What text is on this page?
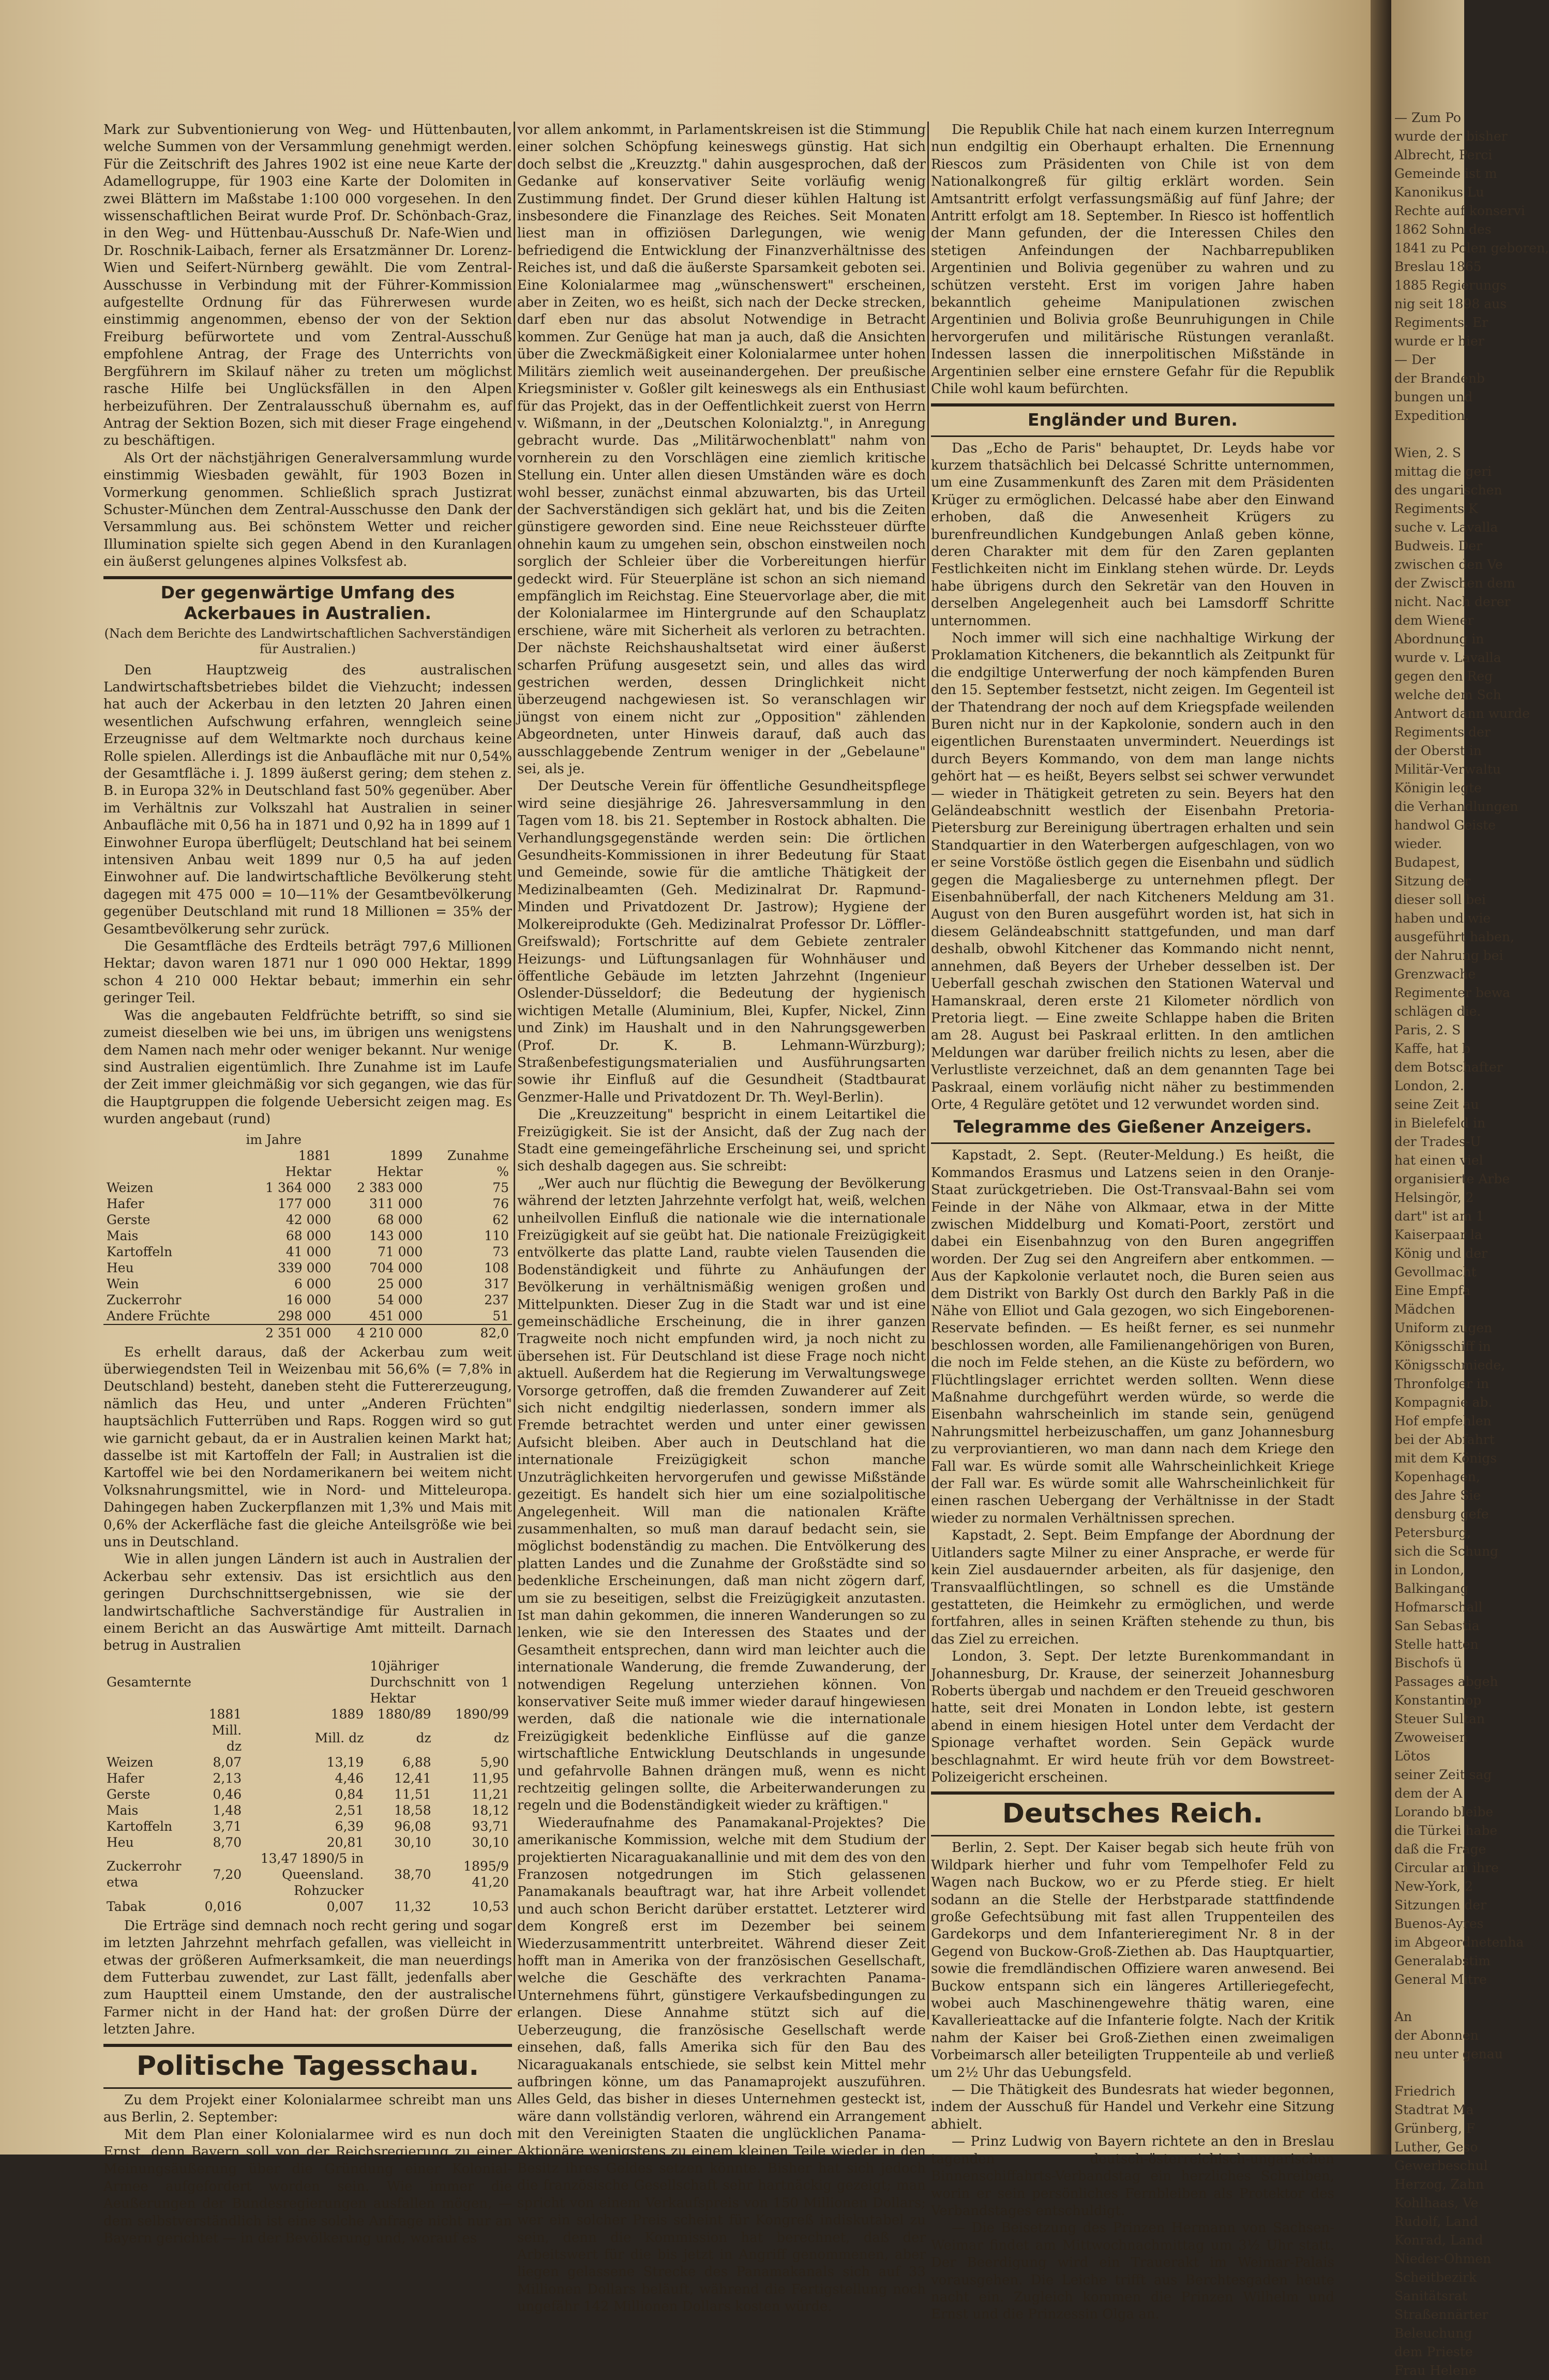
Mark zur Subventionierung von Weg- und Hüttenbauten, welche Summen von der Versammlung genehmigt werden. Für die Zeitschrift des Jahres 1902 ist eine neue Karte der Adamellogruppe, für 1903 eine Karte der Dolomiten in zwei Blättern im Maßstabe 1:100 000 vorgesehen. In den wissenschaftlichen Beirat wurde Prof. Dr. Schönbach-Graz, in den Weg- und Hüttenbau-Ausschuß Dr. Nafe-Wien und Dr. Roschnik-Laibach, ferner als Ersatzmänner Dr. Lorenz-Wien und Seifert-Nürnberg gewählt. Die vom Zentral-Ausschusse in Verbindung mit der Führer-Kommission aufgestellte Ordnung für das Führerwesen wurde einstimmig angenommen, ebenso der von der Sektion Freiburg befürwortete und vom Zentral-Ausschuß empfohlene Antrag, der Frage des Unterrichts von Bergführern im Skilauf näher zu treten um möglichst rasche Hilfe bei Unglücksfällen in den Alpen herbeizuführen. Der Zentralausschuß übernahm es, auf Antrag der Sektion Bozen, sich mit dieser Frage eingehend zu beschäftigen.

Als Ort der nächstjährigen Generalversammlung wurde einstimmig Wiesbaden gewählt, für 1903 Bozen in Vormerkung genommen. Schließlich sprach Justizrat Schuster-München dem Zentral-Ausschusse den Dank der Versammlung aus. Bei schönstem Wetter und reicher Illumination spielte sich gegen Abend in den Kuranlagen ein äußerst gelungenes alpines Volksfest ab.

Der gegenwärtige Umfang des Ackerbaues in Australien.
(Nach dem Berichte des Landwirtschaftlichen Sachverständigen für Australien.)

Den Hauptzweig des australischen Landwirtschaftsbetriebes bildet die Viehzucht; indessen hat auch der Ackerbau in den letzten 20 Jahren einen wesentlichen Aufschwung erfahren, wenngleich seine Erzeugnisse auf dem Weltmarkte noch durchaus keine Rolle spielen. Allerdings ist die Anbaufläche mit nur 0,54% der Gesamtfläche i. J. 1899 äußerst gering; dem stehen z. B. in Europa 32% in Deutschland fast 50% gegenüber. Aber im Verhältnis zur Volkszahl hat Australien in seiner Anbaufläche mit 0,56 ha in 1871 und 0,92 ha in 1899 auf 1 Einwohner Europa überflügelt; Deutschland hat bei seinem intensiven Anbau weit 1899 nur 0,5 ha auf jeden Einwohner auf. Die landwirtschaftliche Bevölkerung steht dagegen mit 475 000 = 10—11% der Gesamtbevölkerung gegenüber Deutschland mit rund 18 Millionen = 35% der Gesamtbevölkerung sehr zurück.

Die Gesamtfläche des Erdteils beträgt 797,6 Millionen Hektar; davon waren 1871 nur 1 090 000 Hektar, 1899 schon 4 210 000 Hektar bebaut; immerhin ein sehr geringer Teil.

Was die angebauten Feldfrüchte betrifft, so sind sie zumeist dieselben wie bei uns, im übrigen uns wenigstens dem Namen nach mehr oder weniger bekannt. Nur wenige sind Australien eigentümlich. Ihre Zunahme ist im Laufe der Zeit immer gleichmäßig vor sich gegangen, wie das für die Hauptgruppen die folgende Uebersicht zeigen mag. Es wurden angebaut (rund)

	im Jahre		
	1881	1899	Zunahme
	Hektar	Hektar	%
Weizen	1 364 000	2 383 000	75
Hafer	177 000	311 000	76
Gerste	42 000	68 000	62
Mais	68 000	143 000	110
Kartoffeln	41 000	71 000	73
Heu	339 000	704 000	108
Wein	6 000	25 000	317
Zuckerrohr	16 000	54 000	237
Andere Früchte	298 000	451 000	51
	2 351 000	4 210 000	82,0

Es erhellt daraus, daß der Ackerbau zum weit überwiegendsten Teil in Weizenbau mit 56,6% (= 7,8% in Deutschland) besteht, daneben steht die Futtererzeugung, nämlich das Heu, und unter „Anderen Früchten" hauptsächlich Futterrüben und Raps. Roggen wird so gut wie garnicht gebaut, da er in Australien keinen Markt hat; dasselbe ist mit Kartoffeln der Fall; in Australien ist die Kartoffel wie bei den Nordamerikanern bei weitem nicht Volksnahrungsmittel, wie in Nord- und Mitteleuropa. Dahingegen haben Zuckerpflanzen mit 1,3% und Mais mit 0,6% der Ackerfläche fast die gleiche Anteilsgröße wie bei uns in Deutschland.

Wie in allen jungen Ländern ist auch in Australien der Ackerbau sehr extensiv. Das ist ersichtlich aus den geringen Durchschnittsergebnissen, wie sie der landwirtschaftliche Sachverständige für Australien in einem Bericht an das Auswärtige Amt mitteilt. Darnach betrug in Australien

Gesamternte			10jähriger Durchschnitt von 1 Hektar	
	1881	1889	1880/89	1890/99
	Mill. dz	Mill. dz	dz	dz
Weizen	8,07	13,19	6,88	5,90
Hafer	2,13	4,46	12,41	11,95
Gerste	0,46	0,84	11,51	11,21
Mais	1,48	2,51	18,58	18,12
Kartoffeln	3,71	6,39	96,08	93,71
Heu	8,70	20,81	30,10	30,10
Zuckerrohr etwa	7,20	13,47 1890/5 in Queensland. Rohzucker	38,70	1895/9 41,20
Tabak	0,016	0,007	11,32	10,53

Die Erträge sind demnach noch recht gering und sogar im letzten Jahrzehnt mehrfach gefallen, was vielleicht in etwas der größeren Aufmerksamkeit, die man neuerdings dem Futterbau zuwendet, zur Last fällt, jedenfalls aber zum Hauptteil einem Umstande, den der australische Farmer nicht in der Hand hat: der großen Dürre der letzten Jahre.

Politische Tagesschau.

Zu dem Projekt einer Kolonialarmee schreibt man uns aus Berlin, 2. September:

Mit dem Plan einer Kolonialarmee wird es nun doch Ernst, denn Bayern soll von der Reichsregierung zu einer Meinungsäußerung über die Gründung einer Kolonial-Armee aufgefordert worden sein. Wie immer die Aeußerungen der Bundesregierungen ausfallen mögen, — dem selbstverständlich ist eine solche Anfrage nicht nur an Bayern gerichtet — in der Bevölkerung und, worauf es

vor allem ankommt, in Parlamentskreisen ist die Stimmung einer solchen Schöpfung keineswegs günstig. Hat sich doch selbst die „Kreuzztg." dahin ausgesprochen, daß der Gedanke auf konservativer Seite vorläufig wenig Zustimmung findet. Der Grund dieser kühlen Haltung ist insbesondere die Finanzlage des Reiches. Seit Monaten liest man in offiziösen Darlegungen, wie wenig befriedigend die Entwicklung der Finanzverhältnisse des Reiches ist, und daß die äußerste Sparsamkeit geboten sei. Eine Kolonialarmee mag „wünschenswert" erscheinen, aber in Zeiten, wo es heißt, sich nach der Decke strecken, darf eben nur das absolut Notwendige in Betracht kommen. Zur Genüge hat man ja auch, daß die Ansichten über die Zweckmäßigkeit einer Kolonialarmee unter hohen Militärs ziemlich weit auseinandergehen. Der preußische Kriegsminister v. Goßler gilt keineswegs als ein Enthusiast für das Projekt, das in der Oeffentlichkeit zuerst von Herrn v. Wißmann, in der „Deutschen Kolonialztg.", in Anregung gebracht wurde. Das „Militärwochenblatt" nahm von vornherein zu den Vorschlägen eine ziemlich kritische Stellung ein. Unter allen diesen Umständen wäre es doch wohl besser, zunächst einmal abzuwarten, bis das Urteil der Sachverständigen sich geklärt hat, und bis die Zeiten günstigere geworden sind. Eine neue Reichssteuer dürfte ohnehin kaum zu umgehen sein, obschon einstweilen noch sorglich der Schleier über die Vorbereitungen hierfür gedeckt wird. Für Steuerpläne ist schon an sich niemand empfänglich im Reichstag. Eine Steuervorlage aber, die mit der Kolonialarmee im Hintergrunde auf den Schauplatz erschiene, wäre mit Sicherheit als verloren zu betrachten. Der nächste Reichshaushaltsetat wird einer äußerst scharfen Prüfung ausgesetzt sein, und alles das wird gestrichen werden, dessen Dringlichkeit nicht überzeugend nachgewiesen ist. So veranschlagen wir jüngst von einem nicht zur „Opposition" zählenden Abgeordneten, unter Hinweis darauf, daß auch das ausschlaggebende Zentrum weniger in der „Gebelaune" sei, als je.

Der Deutsche Verein für öffentliche Gesundheitspflege wird seine diesjährige 26. Jahresversammlung in den Tagen vom 18. bis 21. September in Rostock abhalten. Die Verhandlungsgegenstände werden sein: Die örtlichen Gesundheits-Kommissionen in ihrer Bedeutung für Staat und Gemeinde, sowie für die amtliche Thätigkeit der Medizinalbeamten (Geh. Medizinalrat Dr. Rapmund-Minden und Privatdozent Dr. Jastrow); Hygiene der Molkereiprodukte (Geh. Medizinalrat Professor Dr. Löffler-Greifswald); Fortschritte auf dem Gebiete zentraler Heizungs- und Lüftungsanlagen für Wohnhäuser und öffentliche Gebäude im letzten Jahrzehnt (Ingenieur Oslender-Düsseldorf; die Bedeutung der hygienisch wichtigen Metalle (Aluminium, Blei, Kupfer, Nickel, Zinn und Zink) im Haushalt und in den Nahrungsgewerben (Prof. Dr. K. B. Lehmann-Würzburg); Straßenbefestigungsmaterialien und Ausführungsarten sowie ihr Einfluß auf die Gesundheit (Stadtbaurat Genzmer-Halle und Privatdozent Dr. Th. Weyl-Berlin).

Die „Kreuzzeitung" bespricht in einem Leitartikel die Freizügigkeit. Sie ist der Ansicht, daß der Zug nach der Stadt eine gemeingefährliche Erscheinung sei, und spricht sich deshalb dagegen aus. Sie schreibt:

„Wer auch nur flüchtig die Bewegung der Bevölkerung während der letzten Jahrzehnte verfolgt hat, weiß, welchen unheilvollen Einfluß die nationale wie die internationale Freizügigkeit auf sie geübt hat. Die nationale Freizügigkeit entvölkerte das platte Land, raubte vielen Tausenden die Bodenständigkeit und führte zu Anhäufungen der Bevölkerung in verhältnismäßig wenigen großen und Mittelpunkten. Dieser Zug in die Stadt war und ist eine gemeinschädliche Erscheinung, die in ihrer ganzen Tragweite noch nicht empfunden wird, ja noch nicht zu übersehen ist. Für Deutschland ist diese Frage noch nicht aktuell. Außerdem hat die Regierung im Verwaltungswege Vorsorge getroffen, daß die fremden Zuwanderer auf Zeit sich nicht endgiltig niederlassen, sondern immer als Fremde betrachtet werden und unter einer gewissen Aufsicht bleiben. Aber auch in Deutschland hat die internationale Freizügigkeit schon manche Unzuträglichkeiten hervorgerufen und gewisse Mißstände gezeitigt. Es handelt sich hier um eine sozialpolitische Angelegenheit. Will man die nationalen Kräfte zusammenhalten, so muß man darauf bedacht sein, sie möglichst bodenständig zu machen. Die Entvölkerung des platten Landes und die Zunahme der Großstädte sind so bedenkliche Erscheinungen, daß man nicht zögern darf, um sie zu beseitigen, selbst die Freizügigkeit anzutasten. Ist man dahin gekommen, die inneren Wanderungen so zu lenken, wie sie den Interessen des Staates und der Gesamtheit entsprechen, dann wird man leichter auch die internationale Wanderung, die fremde Zuwanderung, der notwendigen Regelung unterziehen können. Von konservativer Seite muß immer wieder darauf hingewiesen werden, daß die nationale wie die internationale Freizügigkeit bedenkliche Einflüsse auf die ganze wirtschaftliche Entwicklung Deutschlands in ungesunde und gefahrvolle Bahnen drängen muß, wenn es nicht rechtzeitig gelingen sollte, die Arbeiterwanderungen zu regeln und die Bodenständigkeit wieder zu kräftigen."

Wiederaufnahme des Panamakanal-Projektes? Die amerikanische Kommission, welche mit dem Studium der projektierten Nicaraguakanallinie und mit dem des von den Franzosen notgedrungen im Stich gelassenen Panamakanals beauftragt war, hat ihre Arbeit vollendet und auch schon Bericht darüber erstattet. Letzterer wird dem Kongreß erst im Dezember bei seinem Wiederzusammentritt unterbreitet. Während dieser Zeit hofft man in Amerika von der französischen Gesellschaft, welche die Geschäfte des verkrachten Panama-Unternehmens führt, günstigere Verkaufsbedingungen zu erlangen. Diese Annahme stützt sich auf die Ueberzeugung, die französische Gesellschaft werde einsehen, daß, falls Amerika sich für den Bau des Nicaraguakanals entschiede, sie selbst kein Mittel mehr aufbringen könne, um das Panamaprojekt auszuführen. Alles Geld, das bisher in dieses Unternehmen gesteckt ist, wäre dann vollständig verloren, während ein Arrangement mit den Vereinigten Staaten die unglücklichen Panama-Aktionäre wenigstens zu einem kleinen Teile wieder in den Besitz ihres Geldes setzen könnte. Bisher hat sich jedoch die französische Gesellschaft sehr hartnäckig gezeigt; man spricht von einem Verkaufspreis von 150 Millionen Dollars; wer ein solcher Preis scheint für Kongreß indiskutabel zu sein, denn die Kommission hat berechnet, daß der Arbeitswert für die bis jetzt in Angriff genommenen, aber liegen gelassene Strecke des Panamakanals sich auf 33 Millionen Dollars beläuft, während die Fertigstellung noch ungefähr 142 Millionen Dollars kosten würde.

Die Republik Chile hat nach einem kurzen Interregnum nun endgiltig ein Oberhaupt erhalten. Die Ernennung Riescos zum Präsidenten von Chile ist von dem Nationalkongreß für giltig erklärt worden. Sein Amtsantritt erfolgt verfassungsmäßig auf fünf Jahre; der Antritt erfolgt am 18. September. In Riesco ist hoffentlich der Mann gefunden, der die Interessen Chiles den stetigen Anfeindungen der Nachbarrepubliken Argentinien und Bolivia gegenüber zu wahren und zu schützen versteht. Erst im vorigen Jahre haben bekanntlich geheime Manipulationen zwischen Argentinien und Bolivia große Beunruhigungen in Chile hervorgerufen und militärische Rüstungen veranlaßt. Indessen lassen die innerpolitischen Mißstände in Argentinien selber eine ernstere Gefahr für die Republik Chile wohl kaum befürchten.

Engländer und Buren.

Das „Echo de Paris" behauptet, Dr. Leyds habe vor kurzem thatsächlich bei Delcassé Schritte unternommen, um eine Zusammenkunft des Zaren mit dem Präsidenten Krüger zu ermöglichen. Delcassé habe aber den Einwand erhoben, daß die Anwesenheit Krügers zu burenfreundlichen Kundgebungen Anlaß geben könne, deren Charakter mit dem für den Zaren geplanten Festlichkeiten nicht im Einklang stehen würde. Dr. Leyds habe übrigens durch den Sekretär van den Houven in derselben Angelegenheit auch bei Lamsdorff Schritte unternommen.

Noch immer will sich eine nachhaltige Wirkung der Proklamation Kitcheners, die bekanntlich als Zeitpunkt für die endgiltige Unterwerfung der noch kämpfenden Buren den 15. September festsetzt, nicht zeigen. Im Gegenteil ist der Thatendrang der noch auf dem Kriegspfade weilenden Buren nicht nur in der Kapkolonie, sondern auch in den eigentlichen Burenstaaten unvermindert. Neuerdings ist durch Beyers Kommando, von dem man lange nichts gehört hat — es heißt, Beyers selbst sei schwer verwundet — wieder in Thätigkeit getreten zu sein. Beyers hat den Geländeabschnitt westlich der Eisenbahn Pretoria-Pietersburg zur Bereinigung übertragen erhalten und sein Standquartier in den Waterbergen aufgeschlagen, von wo er seine Vorstöße östlich gegen die Eisenbahn und südlich gegen die Magaliesberge zu unternehmen pflegt. Der Eisenbahnüberfall, der nach Kitcheners Meldung am 31. August von den Buren ausgeführt worden ist, hat sich in diesem Geländeabschnitt stattgefunden, und man darf deshalb, obwohl Kitchener das Kommando nicht nennt, annehmen, daß Beyers der Urheber desselben ist. Der Ueberfall geschah zwischen den Stationen Waterval und Hamanskraal, deren erste 21 Kilometer nördlich von Pretoria liegt. — Eine zweite Schlappe haben die Briten am 28. August bei Paskraal erlitten. In den amtlichen Meldungen war darüber freilich nichts zu lesen, aber die Verlustliste verzeichnet, daß an dem genannten Tage bei Paskraal, einem vorläufig nicht näher zu bestimmenden Orte, 4 Reguläre getötet und 12 verwundet worden sind.

Telegramme des Gießener Anzeigers.

Kapstadt, 2. Sept. (Reuter-Meldung.) Es heißt, die Kommandos Erasmus und Latzens seien in den Oranje-Staat zurückgetrieben. Die Ost-Transvaal-Bahn sei vom Feinde in der Nähe von Alkmaar, etwa in der Mitte zwischen Middelburg und Komati-Poort, zerstört und dabei ein Eisenbahnzug von den Buren angegriffen worden. Der Zug sei den Angreifern aber entkommen. — Aus der Kapkolonie verlautet noch, die Buren seien aus dem Distrikt von Barkly Ost durch den Barkly Paß in die Nähe von Elliot und Gala gezogen, wo sich Eingeborenen-Reservate befinden. — Es heißt ferner, es sei nunmehr beschlossen worden, alle Familienangehörigen von Buren, die noch im Felde stehen, an die Küste zu befördern, wo Flüchtlingslager errichtet werden sollten. Wenn diese Maßnahme durchgeführt werden würde, so werde die Eisenbahn wahrscheinlich im stande sein, genügend Nahrungsmittel herbeizuschaffen, um ganz Johannesburg zu verproviantieren, wo man dann nach dem Kriege den Fall war. Es würde somit alle Wahrscheinlichkeit Kriege der Fall war. Es würde somit alle Wahrscheinlichkeit für einen raschen Uebergang der Verhältnisse in der Stadt wieder zu normalen Verhältnissen sprechen.

Kapstadt, 2. Sept. Beim Empfange der Abordnung der Uitlanders sagte Milner zu einer Ansprache, er werde für kein Ziel ausdauernder arbeiten, als für dasjenige, den Transvaalflüchtlingen, so schnell es die Umstände gestatteten, die Heimkehr zu ermöglichen, und werde fortfahren, alles in seinen Kräften stehende zu thun, bis das Ziel zu erreichen.

London, 3. Sept. Der letzte Burenkommandant in Johannesburg, Dr. Krause, der seinerzeit Johannesburg Roberts übergab und nachdem er den Treueid geschworen hatte, seit drei Monaten in London lebte, ist gestern abend in einem hiesigen Hotel unter dem Verdacht der Spionage verhaftet worden. Sein Gepäck wurde beschlagnahmt. Er wird heute früh vor dem Bowstreet-Polizeigericht erscheinen.

Deutsches Reich.

Berlin, 2. Sept. Der Kaiser begab sich heute früh von Wildpark hierher und fuhr vom Tempelhofer Feld zu Wagen nach Buckow, wo er zu Pferde stieg. Er hielt sodann an die Stelle der Herbstparade stattfindende große Gefechtsübung mit fast allen Truppenteilen des Gardekorps und dem Infanterieregiment Nr. 8 in der Gegend von Buckow-Groß-Ziethen ab. Das Hauptquartier, sowie die fremdländischen Offiziere waren anwesend. Bei Buckow entspann sich ein längeres Artilleriegefecht, wobei auch Maschinengewehre thätig waren, eine Kavallerieattacke auf die Infanterie folgte. Nach der Kritik nahm der Kaiser bei Groß-Ziethen einen zweimaligen Vorbeimarsch aller beteiligten Truppenteile ab und verließ um 2½ Uhr das Uebungsfeld.

— Die Thätigkeit des Bundesrats hat wieder begonnen, indem der Ausschuß für Handel und Verkehr eine Sitzung abhielt.

— Prinz Ludwig von Bayern richtete an den in Breslau tagenden deutsch-österreichisch-ungarischen Binnenschiffahrts-Verbandstag ein herzliches Schreiben, worin er sein persönliches Fernbleiben als Protektor des Verbandstages entschuldigt.

— Die Beisetzung des Prinzen Hermann von Sachsen-Weimar findet am Mittwochnachmittag um 3½ Uhr statt. Der Beerdigung wird ein Trauerakt im Weimar-Palais vorausgehen. Die Leiche trifft aus Berchtesgaden heute nacht ein. Zugleich kommen die Prinzen Wilhelm und Ernst und die Prinzessin Olga an.

— Zum Po
wurde der bisher
Albrecht, Perci
Gemeinde ist m
Kanonikus Lu
Rechte auf konservi
1862 Sohn des
1841 zu Polen geboren,
Breslau 1865
1885 Regierungs
nig seit 1898 aus
Regiments. Er
wurde er hier
— Der
der Brandenb
bungen und
Expedition.
Wien, 2. S
mittag die geri
des ungarischen
Regiments K
suche v. Lavalla
Budweis. Der
zwischen den Ve
der Zwischen dem
nicht. Nach derer
dem Wiener
Abordnung in
wurde v. Lavalla
gegen den Reg
welche dem Sch
Antwort dann wurde
Regiments der
der Oberst in
Militär-Verwaltu
Königin legte
die Verhandlungen
handwol Geiste
wieder.
Budapest,
Sitzung der
dieser soll bei
haben und wie
ausgeführt haben,
der Nahrung bei
Grenzwache
Regimenter bewa
schlägen die.
Paris, 2. S
Kaffe, hat b
dem Botschafter
London, 2.
seine Zeit au
in Bielefeld in
der Trades-U
hat einen viel
organisierte Arbe
Helsingör, 2
dart" ist am 1
Kaiserpaar la
König und der
Gevollmacht
Eine Empfa
Mädchen
Uniform zugen
Königsschiff in
Königsschmiede,
Thronfolger in
Kompagnie ab.
Hof empfehlen
bei der Abfahrt
mit dem Königs
Kopenhagen,
des Jahre Sie
densburg gefe
Petersburg,
sich die Schung
in London,
Balkingang
Hofmarschall
San Sebastia
Stelle hatten
Bischofs ü
Passages abgeh
Konstantinop
Steuer Sultan
Zwoweisen
Lötos
seiner Zeit sag
dem der A
Lorando bleibe
die Türkei habe
daß die Frage
Circular an ihre
New-York, 2
Sitzungen der
Buenos-Ayres
im Abgeordnetenha
Generalabstim
General Mitre
An
der Abonnen
neu unter genau
Friedrich
Stadtrat Ma
Grünberg, F
Luther, Geso
Gewerbeschul
Herzog, Zahn
Kohlhaas, Ve
Rudolf, Land
Konrad, Land
Nieder-Ohmen
Scheitbezirk
Sanitätsrat
Straßennärter
Beleuchung
dem Prieste
Frau Helene
